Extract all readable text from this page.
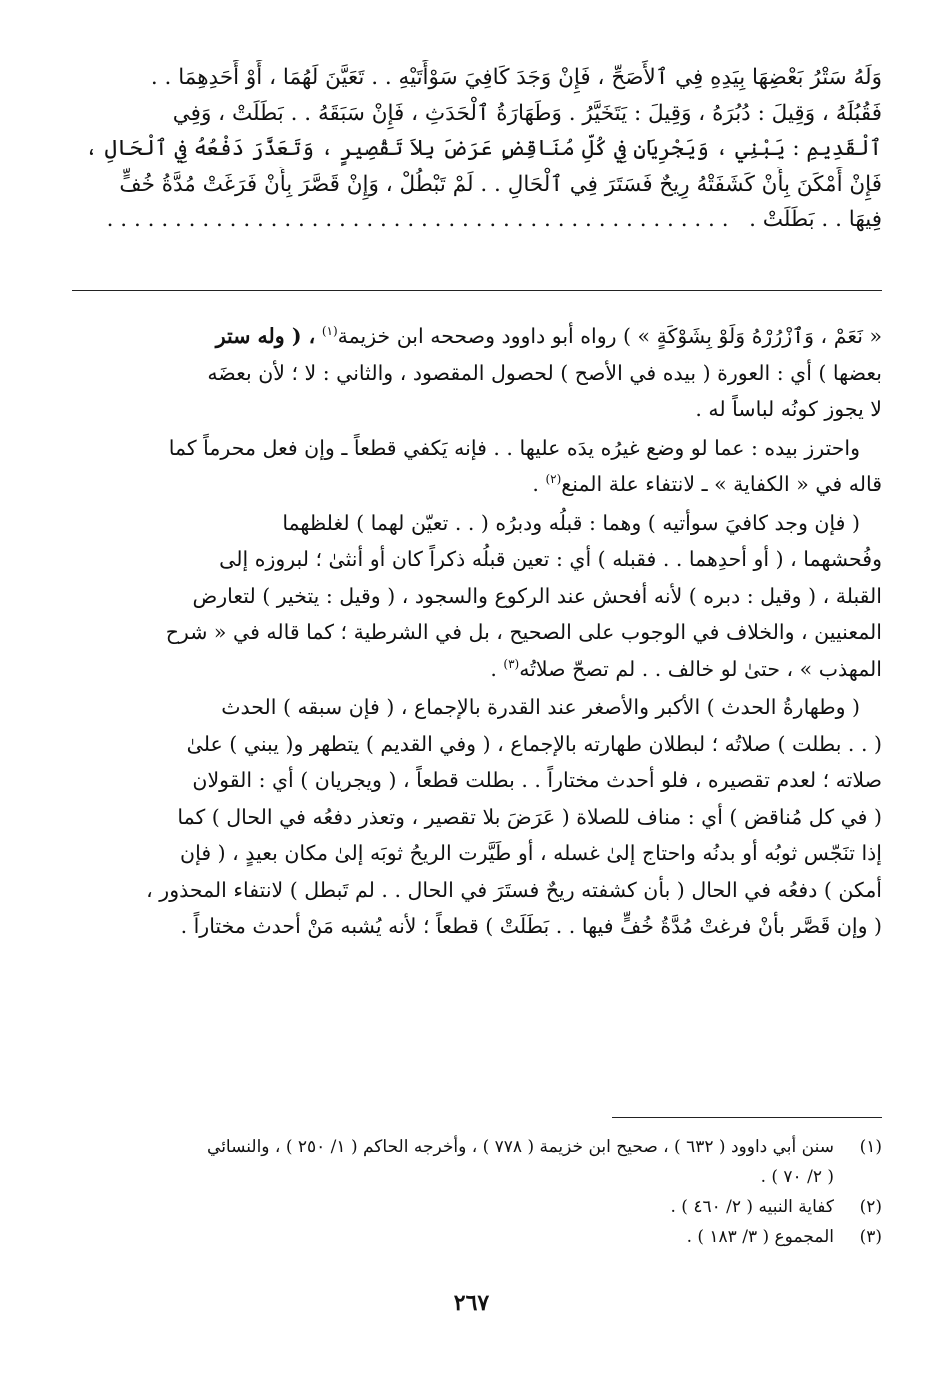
وَلَهُ سَتْرُ بَعْضِهَا بِيَدِهِ فِي ٱلأَصَحِّ ، فَإِنْ وَجَدَ كَافِيَ سَوْأَتَيْهِ . . تَعَيَّنَ لَهُمَا ، أَوْ أَحَدِهِمَا . .
فَقُبُلَهُ ، وَقِيلَ : دُبُرَهُ ، وَقِيلَ : يَتَخَيَّرُ . وَطَهَارَةُ ٱلْحَدَثِ ، فَإِنْ سَبَقَهُ . . بَطَلَتْ ، وَفِي
ٱلْقَدِيمِ : يَبْنِي ، وَيَجْرِيَانِ فِي كُلِّ مُنَاقِضٍ عَرَضَ بِلاَ تَقْصِيرٍ ، وَتَعَذَّرَ دَفْعُهُ فِي ٱلْحَالِ ،
فَإِنْ أَمْكَنَ بِأَنْ كَشَفَتْهُ رِيحٌ فَسَتَرَ فِي ٱلْحَالِ . . لَمْ تَبْطُلْ ، وَإِنْ قَصَّرَ بِأَنْ فَرَغَتْ مُدَّةُ خُفٍّ
فِيهَا . . بَطَلَتْ .   . . . . . . . . . . . . . . . . . . . . . . . . . . . . . . . . . . . . . . . . . . . . . .

« نَعَمْ ، وَٱزْرُرْهُ وَلَوْ بِشَوْكَةٍ » ) رواه أبو داوود وصححه ابن خزيمة$^{(١)}$ ، ( وله ستر
بعضها ) أي : العورة ( بيده في الأصح ) لحصول المقصود ، والثاني : لا ؛ لأن بعضَه
لا يجوز كونُه لباساً له .

واحترز بيده : عما لو وضع غيرُه يدَه عليها . . فإنه يَكفي قطعاً ـ وإن فعل محرماً كما
قاله في « الكفاية » ـ لانتفاء علة المنع$^{(٢)}$ .

( فإن وجد كافيَ سوأتيه ) وهما : قبلُه ودبرُه ( . . تعيّن لهما ) لغلظهما
وفُحشهما ، ( أو أحدِهما . . فقبله ) أي : تعين قبلُه ذكراً كان أو أنثىٰ ؛ لبروزه إلى
القبلة ، ( وقيل : دبره ) لأنه أفحش عند الركوع والسجود ، ( وقيل : يتخير ) لتعارض
المعنيين ، والخلاف في الوجوب على الصحيح ، بل في الشرطية ؛ كما قاله في « شرح
المهذب » ، حتىٰ لو خالف . . لم تصحّ صلاتُه$^{(٣)}$ .

( وطهارةُ الحدث ) الأكبر والأصغر عند القدرة بالإجماع ، ( فإن سبقه ) الحدث
( . . بطلت ) صلاتُه ؛ لبطلان طهارته بالإجماع ، ( وفي القديم ) يتطهر و( يبني ) علىٰ
صلاته ؛ لعدم تقصيره ، فلو أحدث مختاراً . . بطلت قطعاً ، ( ويجريان ) أي : القولان
( في كل مُناقض ) أي : مناف للصلاة ( عَرَضَ بلا تقصير ، وتعذر دفعُه في الحال ) كما
إذا تنَجّس ثوبُه أو بدنُه واحتاج إلىٰ غسله ، أو طَيَّرت الريحُ ثوبَه إلىٰ مكان بعيدٍ ، ( فإن
أمكن ) دفعُه في الحال ( بأن كشفته ريحٌ فستَرَ في الحال . . لم تَبطل ) لانتفاء المحذور ،
( وإن قَصَّر بأنْ فرغتْ مُدَّةُ خُفٍّ فيها . . بَطَلَتْ ) قطعاً ؛ لأنه يُشبه مَنْ أحدث مختاراً .

(١)
سنن أبي داوود ( ٦٣٢ ) ، صحيح ابن خزيمة ( ٧٧٨ ) ، وأخرجه الحاكم ( ١/ ٢٥٠ ) ، والنسائي
( ٢/ ٧٠ ) .
(٢)
كفاية النبيه ( ٢/ ٤٦٠ ) .
(٣)
المجموع ( ٣/ ١٨٣ ) .
٢٦٧
